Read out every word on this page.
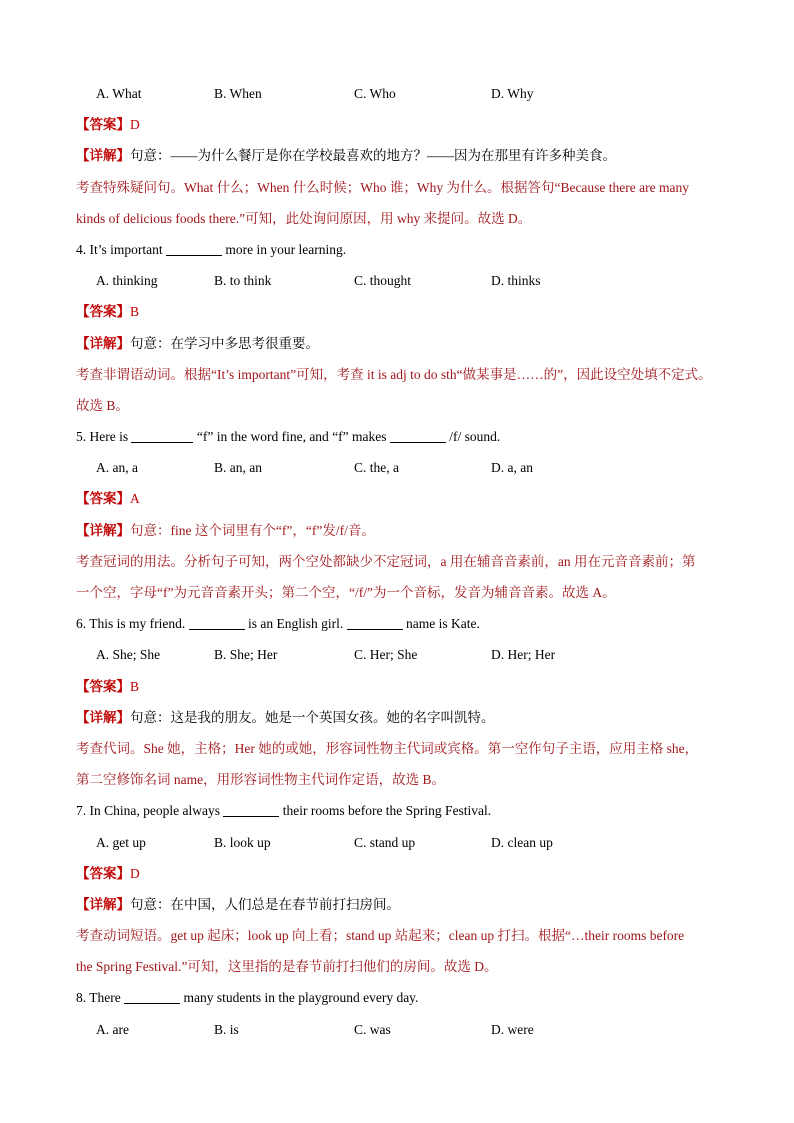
A. What	B. When	C. Who	D. Why
【答案】D
【详解】句意：——为什么餐厅是你在学校最喜欢的地方？——因为在那里有许多种美食。
考查特殊疑问句。What 什么；When 什么时候；Who 谁；Why 为什么。根据答句“Because there are many
kinds of delicious foods there.”可知，此处询问原因，用 why 来提问。故选 D。
4. It’s important	more in your learning.
A. thinking	B. to think	C. thought	D. thinks
【答案】B
【详解】句意：在学习中多思考很重要。
考查非谓语动词。根据“It’s important”可知，考查 it is adj to do sth“做某事是……的”，因此设空处填不定式。
故选 B。
5. Here is	“f” in the word fine, and “f” makes	/f/ sound.
A. an, a	B. an, an	C. the, a	D. a, an
【答案】A
【详解】句意：fine 这个词里有个“f”，“f”发/f/音。
考查冠词的用法。分析句子可知，两个空处都缺少不定冠词，a 用在辅音音素前，an 用在元音音素前；第
一个空，字母“f”为元音音素开头；第二个空，“/f/”为一个音标，发音为辅音音素。故选 A。
6. This is my friend.	is an English girl.	name is Kate.
A. She; She	B. She; Her	C. Her; She	D. Her; Her
【答案】B
【详解】句意：这是我的朋友。她是一个英国女孩。她的名字叫凯特。
考查代词。She 她，主格；Her 她的或她，形容词性物主代词或宾格。第一空作句子主语，应用主格 she，
第二空修饰名词 name，用形容词性物主代词作定语，故选 B。
7. In China, people always	their rooms before the Spring Festival.
A. get up	B. look up	C. stand up	D. clean up
【答案】D
【详解】句意：在中国，人们总是在春节前打扫房间。
考查动词短语。get up 起床；look up 向上看；stand up 站起来；clean up 打扫。根据“…their rooms before
the Spring Festival.”可知，这里指的是春节前打扫他们的房间。故选 D。
8. There	many students in the playground every day.
A. are	B. is	C. was	D. were
